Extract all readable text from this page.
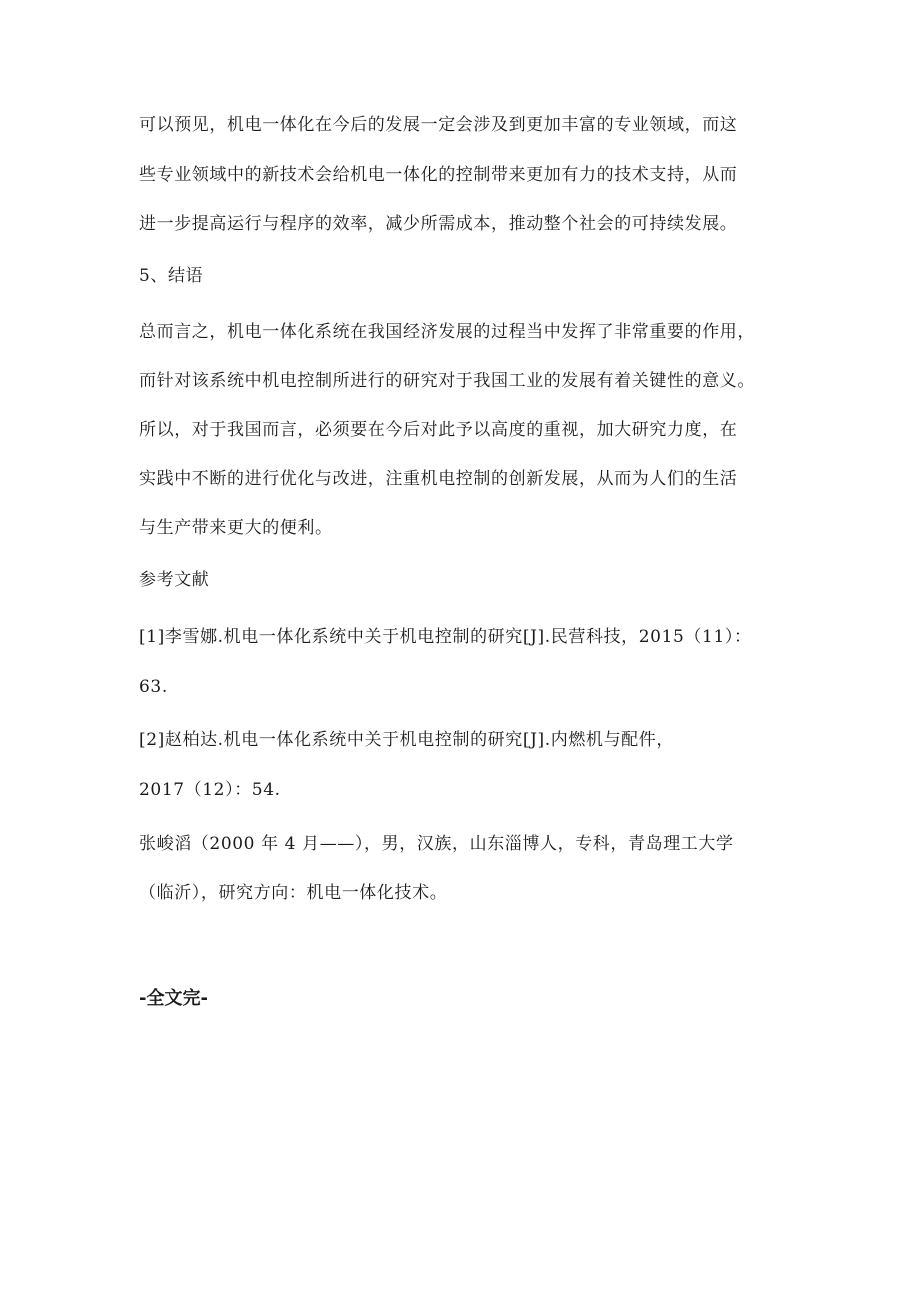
可以预见，机电一体化在今后的发展一定会涉及到更加丰富的专业领域，而这

些专业领域中的新技术会给机电一体化的控制带来更加有力的技术支持，从而

进一步提高运行与程序的效率，减少所需成本，推动整个社会的可持续发展。

5、结语

总而言之，机电一体化系统在我国经济发展的过程当中发挥了非常重要的作用，

而针对该系统中机电控制所进行的研究对于我国工业的发展有着关键性的意义。

所以，对于我国而言，必须要在今后对此予以高度的重视，加大研究力度，在

实践中不断的进行优化与改进，注重机电控制的创新发展，从而为人们的生活

与生产带来更大的便利。

参考文献

[1]李雪娜.机电一体化系统中关于机电控制的研究[J].民营科技，2015（11）：

63.

[2]赵柏达.机电一体化系统中关于机电控制的研究[J].内燃机与配件，

2017（12）：54.

张峻滔（2000 年 4 月——），男，汉族，山东淄博人，专科，青岛理工大学

（临沂），研究方向：机电一体化技术。

-全文完-
